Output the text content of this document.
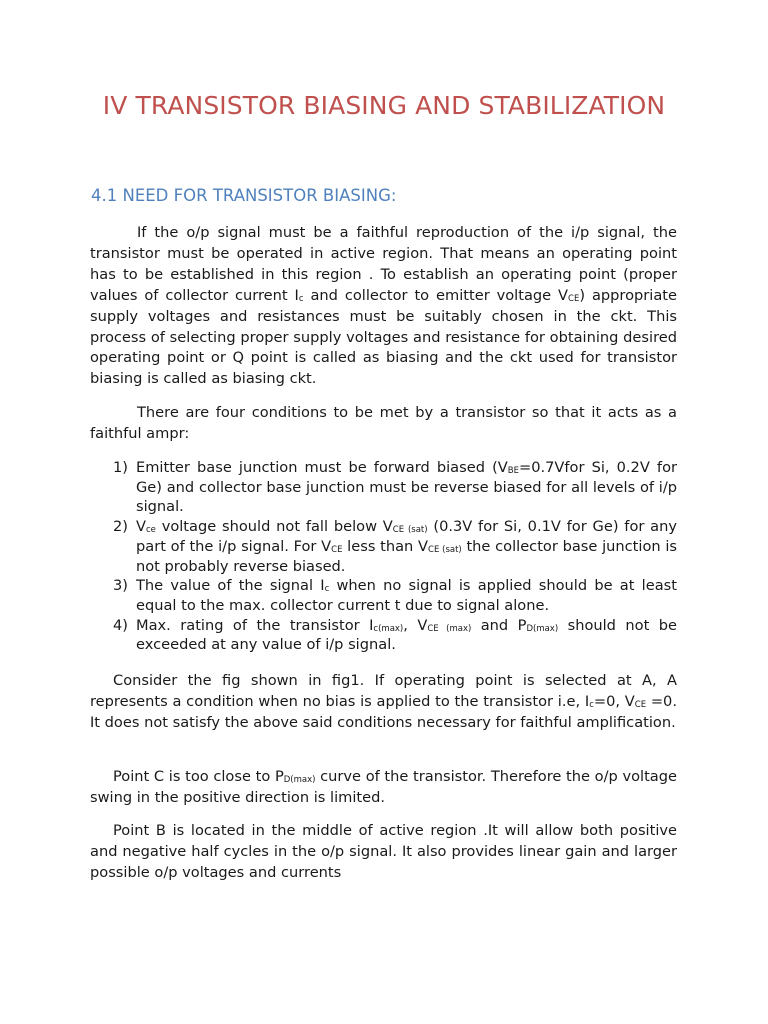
IV TRANSISTOR BIASING AND STABILIZATION
4.1 NEED FOR TRANSISTOR BIASING:

If the o/p signal must be a faithful reproduction of the i/p signal, the transistor must be operated in active region. That means an operating point has to be established in this region . To establish an operating point (proper values of collector current $I_c$ and collector to emitter voltage $V_{CE}$) appropriate supply voltages and resistances must be suitably chosen in the ckt. This process of selecting proper supply voltages and resistance for obtaining desired operating point or Q point is called as biasing and the ckt used for transistor biasing is called as biasing ckt.

There are four conditions to be met by a transistor so that it acts as a faithful ampr:

1) Emitter base junction must be forward biased ($V_{BE}=0.7Vfor$ Si, 0.2V for Ge) and collector base junction must be reverse biased for all levels of i/p signal.
2) $V_{ce}$ voltage should not fall below $V_{CE (sat)}$ (0.3V for Si, 0.1V for Ge) for any part of the i/p signal. For $V_{CE}$ less than $V_{CE (sat)}$ the collector base junction is not probably reverse biased.
3) The value of the signal $I_c$ when no signal is applied should be at least equal to the max. collector current t due to signal alone.
4) Max. rating of the transistor $I_{c(max)}$, $V_{CE (max)}$ and $P_{D(max)}$ should not be exceeded at any value of i/p signal.

Consider the fig shown in fig1. If operating point is selected at A, A represents a condition when no bias is applied to the transistor i.e, $I_c=0$, $V_{CE} =0$. It does not satisfy the above said conditions necessary for faithful amplification.

Point C is too close to $P_{D(max)}$ curve of the transistor. Therefore the o/p voltage swing in the positive direction is limited.

Point B is located in the middle of active region .It will allow both positive and negative half cycles in the o/p signal. It also provides linear gain and larger possible o/p voltages and currents
